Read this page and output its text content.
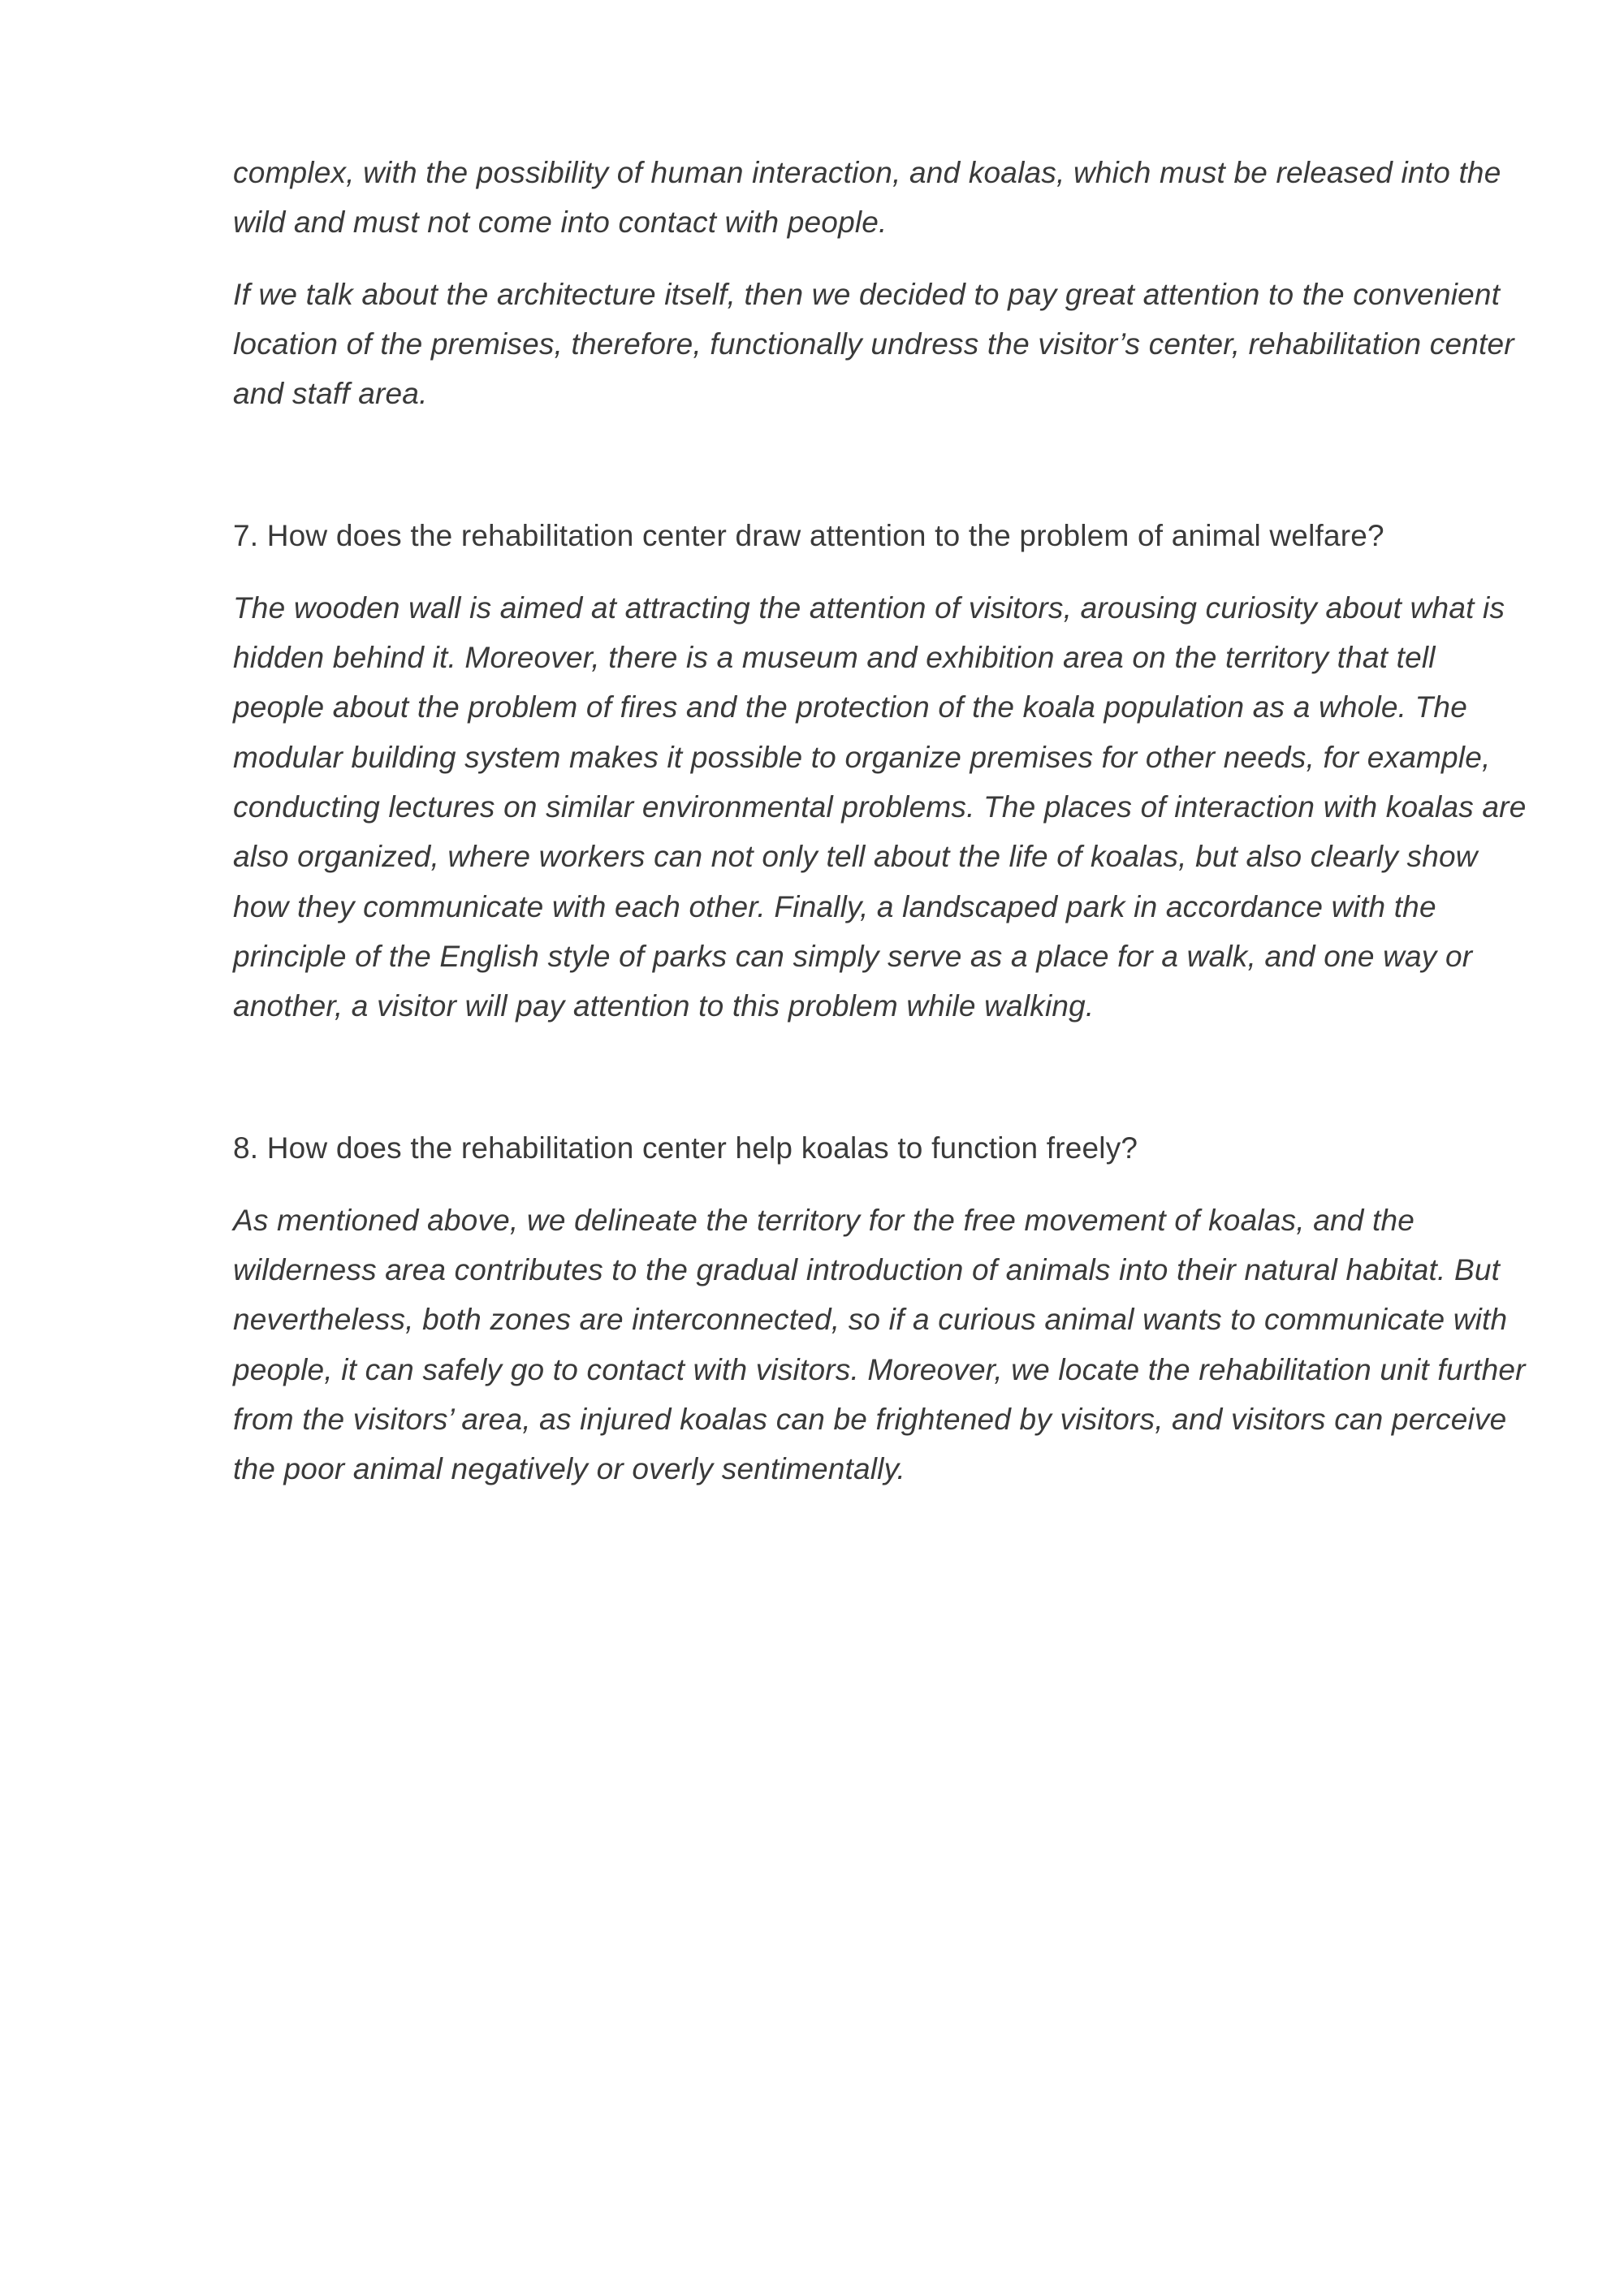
complex, with the possibility of human interaction, and koalas, which must be released into the wild and must not come into contact with people.

If we talk about the architecture itself, then we decided to pay great attention to the convenient location of the premises, therefore, functionally undress the visitor’s center, rehabilitation center and staff area.

7. How does the rehabilitation center draw attention to the problem of animal welfare?

The wooden wall is aimed at attracting the attention of visitors, arousing curiosity about what is hidden behind it. Moreover, there is a museum and exhibition area on the territory that tell people about the problem of fires and the protection of the koala population as a whole. The modular building system makes it possible to organize premises for other needs, for example, conducting lectures on similar environmental problems. The places of interaction with koalas are also organized, where workers can not only tell about the life of koalas, but also clearly show how they communicate with each other. Finally, a landscaped park in accordance with the principle of the English style of parks can simply serve as a place for a walk, and one way or another, a visitor will pay attention to this problem while walking.

8. How does the rehabilitation center help koalas to function freely?

As mentioned above, we delineate the territory for the free movement of koalas, and the wilderness area contributes to the gradual introduction of animals into their natural habitat. But nevertheless, both zones are interconnected, so if a curious animal wants to communicate with people, it can safely go to contact with visitors. Moreover, we locate the rehabilitation unit further from the visitors’ area, as injured koalas can be frightened by visitors, and visitors can perceive the poor animal negatively or overly sentimentally.
